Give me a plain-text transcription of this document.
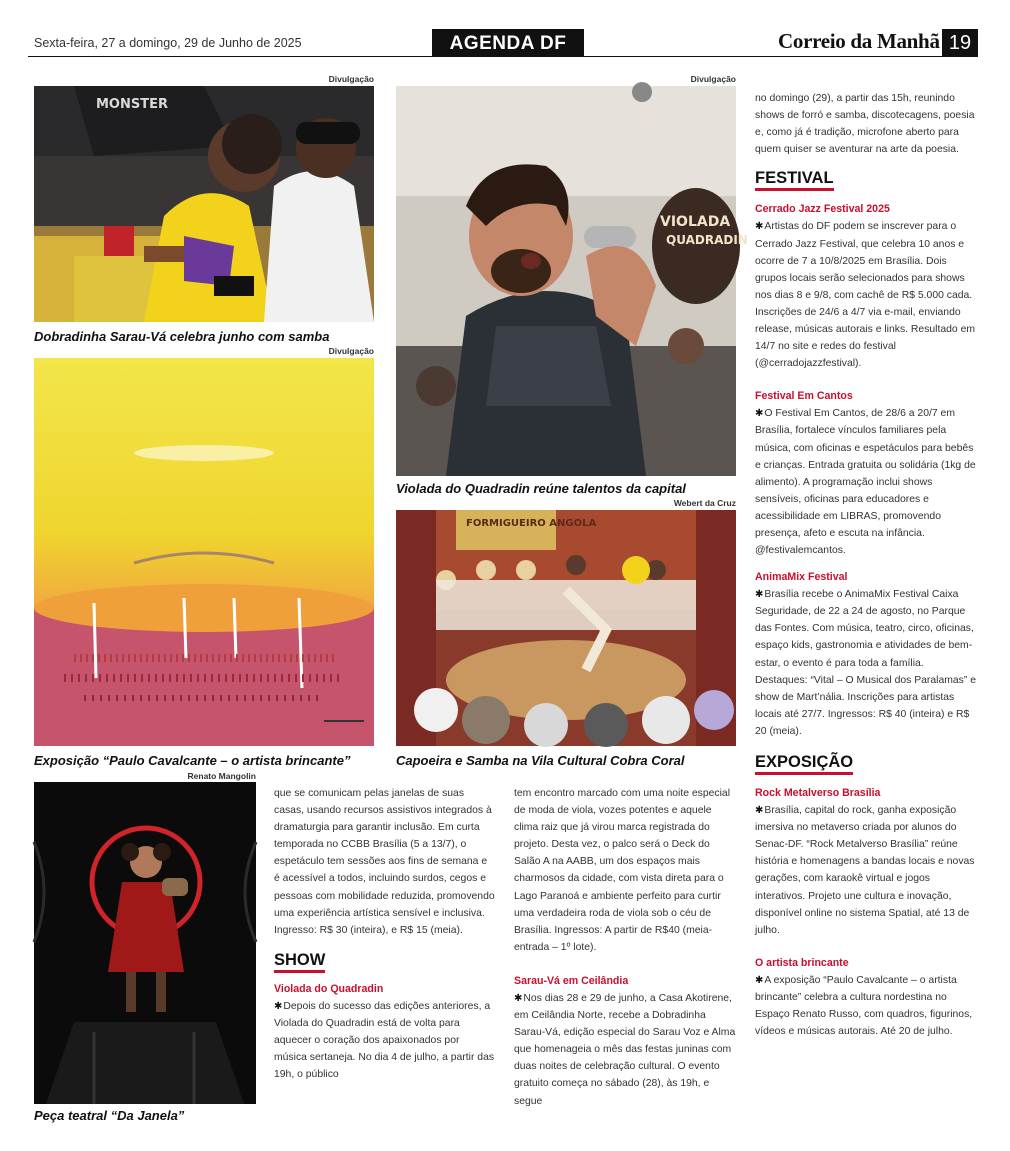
Sexta-feira, 27 a domingo, 29 de Junho de 2025	AGENDA DF	Correio da Manhã 19
Divulgação
MONSTER
Dobradinha Sarau-Vá celebra junho com samba
Divulgação
Exposição “Paulo Cavalcante – o artista brincante”
Renato Mangolin
Peça teatral “Da Janela”
Divulgação
VIOLADA
QUADRADIN
Violada do Quadradin reúne talentos da capital
Webert da Cruz
FORMIGUEIRO ANGOLA
Capoeira e Samba na Vila Cultural Cobra Coral

que se comunicam pelas janelas de suas casas, usando recursos assistivos integrados à dramaturgia para garantir inclusão. Em curta temporada no CCBB Brasília (5 a 13/7), o espetáculo tem sessões aos fins de semana e é acessível a todos, incluindo surdos, cegos e pessoas com mobilidade reduzida, promovendo uma experiência artística sensível e inclusiva. Ingresso: R$ 30 (inteira), e R$ 15 (meia).

SHOW

Violada do Quadradin

✱Depois do sucesso das edições anteriores, a Violada do Quadradin está de volta para aquecer o coração dos apaixonados por música sertaneja. No dia 4 de julho, a partir das 19h, o público

tem encontro marcado com uma noite especial de moda de viola, vozes potentes e aquele clima raiz que já virou marca registrada do projeto. Desta vez, o palco será o Deck do Salão A na AABB, um dos espaços mais charmosos da cidade, com vista direta para o Lago Paranoá e ambiente perfeito para curtir uma verdadeira roda de viola sob o céu de Brasília. Ingressos: A partir de R$40 (meia-entrada – 1º lote).

Sarau-Vá em Ceilândia

✱Nos dias 28 e 29 de junho, a Casa Akotirene, em Ceilândia Norte, recebe a Dobradinha Sarau-Vá, edição especial do Sarau Voz e Alma que homenageia o mês das festas juninas com duas noites de celebração cultural. O evento gratuito começa no sábado (28), às 19h, e segue

no domingo (29), a partir das 15h, reunindo shows de forró e samba, discotecagens, poesia e, como já é tradição, microfone aberto para quem quiser se aventurar na arte da poesia.

FESTIVAL

Cerrado Jazz Festival 2025

✱Artistas do DF podem se inscrever para o Cerrado Jazz Festival, que celebra 10 anos e ocorre de 7 a 10/8/2025 em Brasília. Dois grupos locais serão selecionados para shows nos dias 8 e 9/8, com cachê de R$ 5.000 cada. Inscrições de 24/6 a 4/7 via e-mail, enviando release, músicas autorais e links. Resultado em 14/7 no site e redes do festival (@cerradojazzfestival).

Festival Em Cantos

✱O Festival Em Cantos, de 28/6 a 20/7 em Brasília, fortalece vínculos familiares pela música, com oficinas e espetáculos para bebês e crianças. Entrada gratuita ou solidária (1kg de alimento). A programação inclui shows sensíveis, oficinas para educadores e acessibilidade em LIBRAS, promovendo presença, afeto e escuta na infância. @festivalemcantos.

AnimaMix Festival

✱Brasília recebe o AnimaMix Festival Caixa Seguridade, de 22 a 24 de agosto, no Parque das Fontes. Com música, teatro, circo, oficinas, espaço kids, gastronomia e atividades de bem-estar, o evento é para toda a família. Destaques: “Vital – O Musical dos Paralamas” e show de Mart’nália. Inscrições para artistas locais até 27/7. Ingressos: R$ 40 (inteira) e R$ 20 (meia).

EXPOSIÇÃO

Rock Metalverso Brasília

✱Brasília, capital do rock, ganha exposição imersiva no metaverso criada por alunos do Senac-DF. “Rock Metalverso Brasília” reúne história e homenagens a bandas locais e novas gerações, com karaokê virtual e jogos interativos. Projeto une cultura e inovação, disponível online no sistema Spatial, até 13 de julho.

O artista brincante

✱A exposição “Paulo Cavalcante – o artista brincante” celebra a cultura nordestina no Espaço Renato Russo, com quadros, figurinos, vídeos e músicas autorais. Até 20 de julho.
